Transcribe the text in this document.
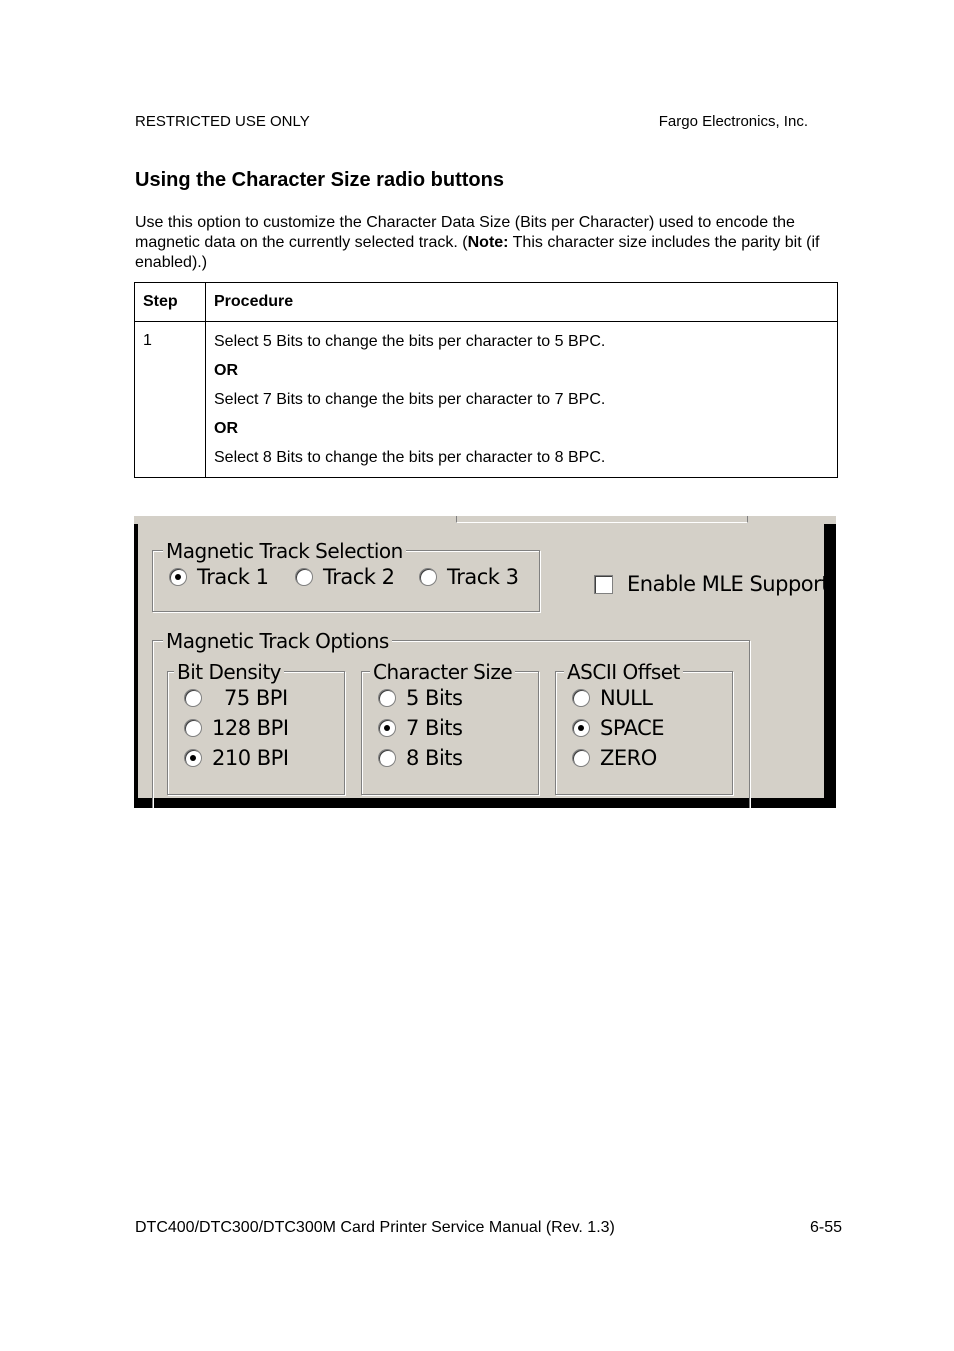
RESTRICTED USE ONLY	Fargo Electronics, Inc.
Using the Character Size radio buttons
Use this option to customize the Character Data Size (Bits per Character) used to encode the magnetic data on the currently selected track. (Note: This character size includes the parity bit (if enabled).)
Step	Procedure
1	Select 5 Bits to change the bits per character to 5 BPC.
OR
Select 7 Bits to change the bits per character to 7 BPC.
OR
Select 8 Bits to change the bits per character to 8 BPC.
Magnetic Track Selection
Track 1	Track 2	Track 3	Enable MLE Support
Magnetic Track Options
Bit Density
75 BPI
128 BPI
210 BPI
Character Size
5 Bits
7 Bits
8 Bits
ASCII Offset
NULL
SPACE
ZERO
DTC400/DTC300/DTC300M Card Printer Service Manual (Rev. 1.3)	6-55
